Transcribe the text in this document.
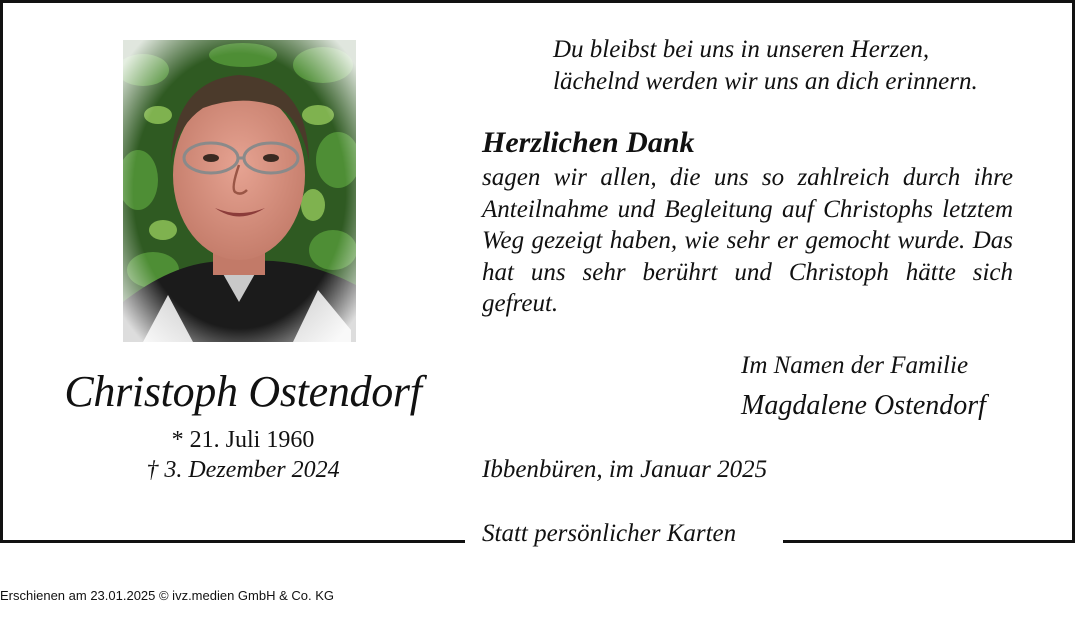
Christoph Ostendorf
* 21. Juli 1960
† 3. Dezember 2024
Du bleibst bei uns in unseren Herzen,
lächelnd werden wir uns an dich erinnern.
Herzlichen Dank
sagen wir allen, die uns so zahlreich durch ihre Anteilnahme und Begleitung auf Christophs letztem Weg gezeigt haben, wie sehr er gemocht wurde. Das hat uns sehr berührt und Christoph hätte sich gefreut.
Im Namen der Familie
Magdalene Ostendorf
Ibbenbüren, im Januar 2025
Statt persönlicher Karten
Erschienen am 23.01.2025 © ivz.medien GmbH & Co. KG
